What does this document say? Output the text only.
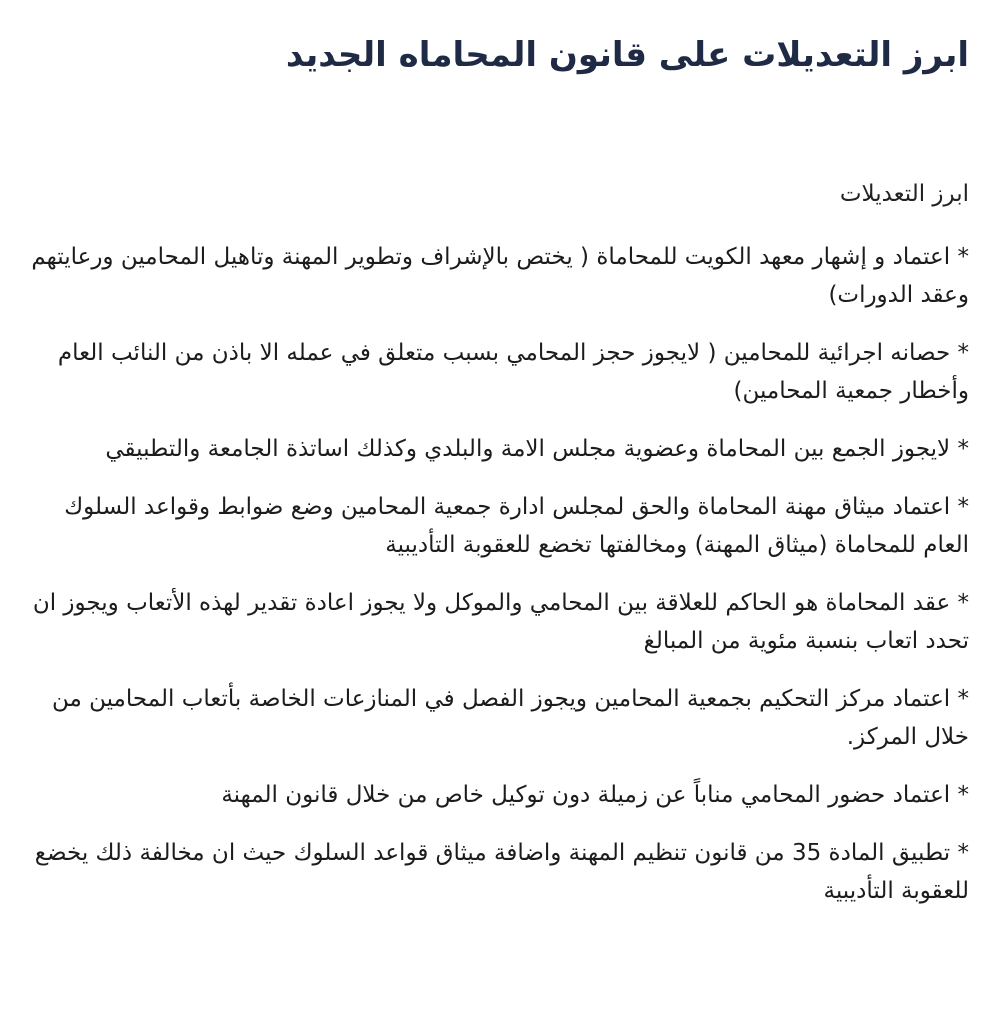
ابرز التعديلات على قانون المحاماه الجديد
ابرز التعديلات
* اعتماد و إشهار معهد الكويت للمحاماة ( يختص بالإشراف وتطوير المهنة وتاهيل المحامين ورعايتهم وعقد الدورات)
* حصانه اجرائية للمحامين ( لايجوز حجز المحامي بسبب متعلق في عمله الا باذن من النائب العام وأخطار جمعية المحامين)
* لايجوز الجمع بين المحاماة وعضوية مجلس الامة والبلدي وكذلك اساتذة الجامعة والتطبيقي
* اعتماد ميثاق مهنة المحاماة والحق لمجلس ادارة جمعية المحامين وضع ضوابط وقواعد السلوك العام للمحاماة (ميثاق المهنة) ومخالفتها تخضع للعقوبة التأديبية
* عقد المحاماة هو الحاكم للعلاقة بين المحامي والموكل ولا يجوز اعادة تقدير لهذه الأتعاب ويجوز ان تحدد اتعاب بنسبة مئوية من المبالغ
* اعتماد مركز التحكيم بجمعية المحامين ويجوز الفصل في المنازعات الخاصة بأتعاب المحامين من خلال المركز.
* اعتماد حضور المحامي مناباً عن زميلة دون توكيل خاص من خلال قانون المهنة
* تطبيق المادة 35 من قانون تنظيم المهنة واضافة ميثاق قواعد السلوك حيث ان مخالفة ذلك يخضع للعقوبة التأديبية
